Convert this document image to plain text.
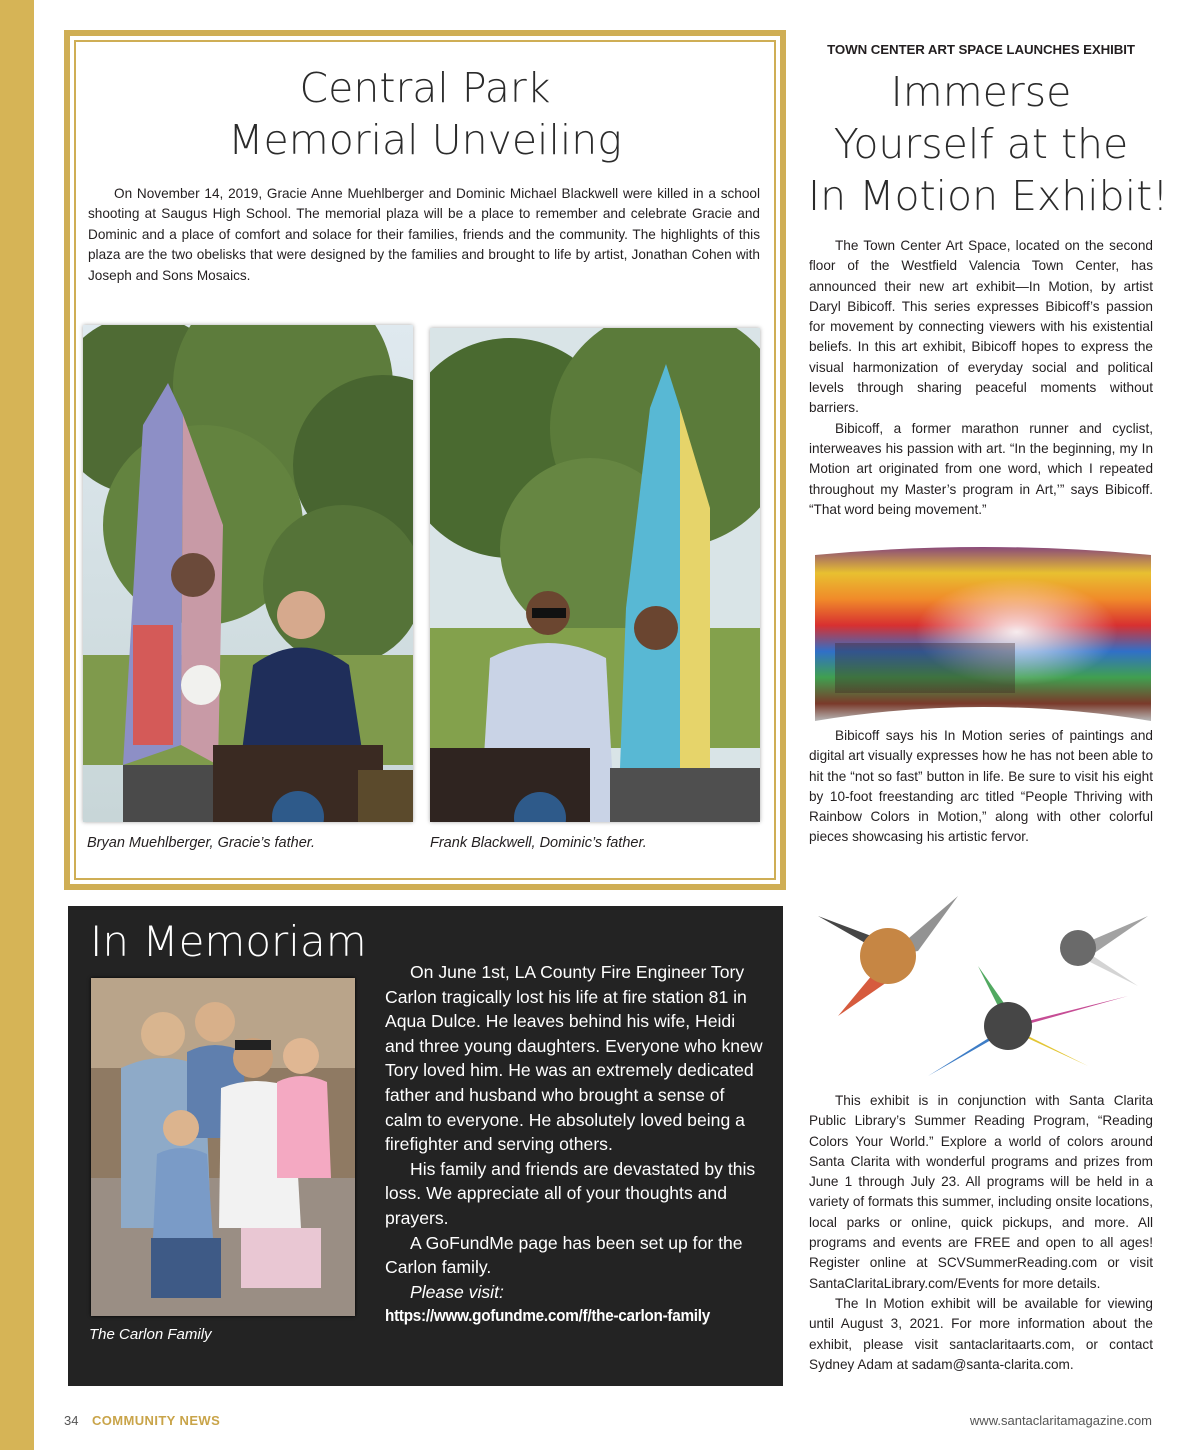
Central Park
Memorial Unveiling

On November 14, 2019, Gracie Anne Muehlberger and Dominic Michael Blackwell were killed in a school shooting at Saugus High School. The memorial plaza will be a place to remember and celebrate Gracie and Dominic and a place of comfort and solace for their families, friends and the community. The highlights of this plaza are the two obelisks that were designed by the families and brought to life by artist, Jonathan Cohen with Joseph and Sons Mosaics.

Bryan Muehlberger, Gracie’s father.	Frank Blackwell, Dominic’s father.
In Memoriam
The Carlon Family

On June 1st, LA County Fire Engineer Tory Carlon tragically lost his life at fire station 81 in Aqua Dulce. He leaves behind his wife, Heidi and three young daughters. Everyone who knew Tory loved him. He was an extremely dedicated father and husband who brought a sense of calm to everyone. He absolutely loved being a firefighter and serving others.

His family and friends are devastated by this loss. We appreciate all of your thoughts and prayers.

A GoFundMe page has been set up for the Carlon family.

Please visit:

https://www.gofundme.com/f/the-carlon-family

TOWN CENTER ART SPACE LAUNCHES EXHIBIT
Immerse
Yourself at the
In Motion Exhibit!

The Town Center Art Space, located on the second floor of the Westfield Valencia Town Center, has announced their new art exhibit—In Motion, by artist Daryl Bibicoff. This series expresses Bibicoff’s passion for movement by connecting viewers with his existential beliefs. In this art exhibit, Bibicoff hopes to express the visual harmonization of everyday social and political levels through sharing peaceful moments without barriers.

Bibicoff, a former marathon runner and cyclist, interweaves his passion with art. “In the beginning, my In Motion art originated from one word, which I repeated throughout my Master’s program in Art,’” says Bibicoff. “That word being movement.”

Bibicoff says his In Motion series of paintings and digital art visually expresses how he has not been able to hit the “not so fast” button in life. Be sure to visit his eight by 10-foot freestanding arc titled “People Thriving with Rainbow Colors in Motion,” along with other colorful pieces showcasing his artistic fervor.

This exhibit is in conjunction with Santa Clarita Public Library’s Summer Reading Program, “Reading Colors Your World.” Explore a world of colors around Santa Clarita with wonderful programs and prizes from June 1 through July 23. All programs will be held in a variety of formats this summer, including onsite locations, local parks or online, quick pickups, and more. All programs and events are FREE and open to all ages! Register online at SCVSummerReading.com or visit SantaClaritaLibrary.com/Events for more details.

The In Motion exhibit will be available for viewing until August 3, 2021. For more information about the exhibit, please visit santaclaritaarts.com, or contact Sydney Adam at sadam@santa-clarita.com.

34 COMMUNITY NEWS	www.santaclaritamagazine.com
